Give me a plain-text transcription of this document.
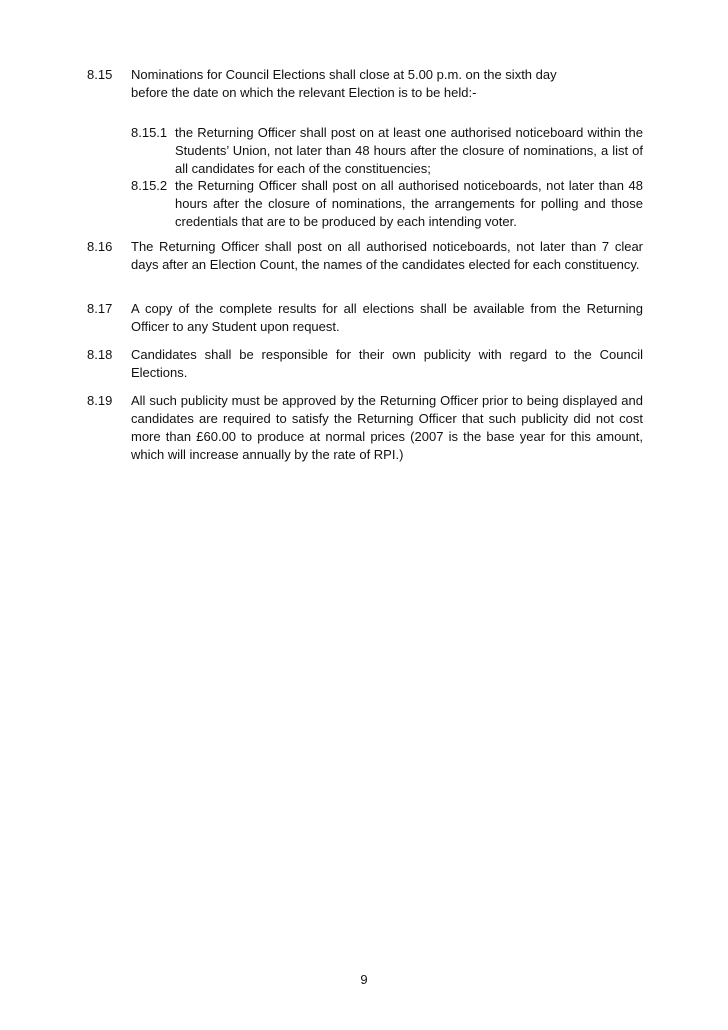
8.15	Nominations for Council Elections shall close at 5.00 p.m. on the sixth day
before the date on which the relevant Election is to be held:-
8.15.1 the Returning Officer shall post on at least one authorised noticeboard within the Students’ Union, not later than 48 hours after the closure of nominations, a list of all candidates for each of the constituencies;
8.15.2 the Returning Officer shall post on all authorised noticeboards, not later than 48 hours after the closure of nominations, the arrangements for polling and those credentials that are to be produced by each intending voter.
8.16	The Returning Officer shall post on all authorised noticeboards, not later than 7 clear days after an Election Count, the names of the candidates elected for each constituency.
8.17	A copy of the complete results for all elections shall be available from the Returning Officer to any Student upon request.
8.18	Candidates shall be responsible for their own publicity with regard to the Council Elections.
8.19	All such publicity must be approved by the Returning Officer prior to being displayed and candidates are required to satisfy the Returning Officer that such publicity did not cost more than £60.00 to produce at normal prices (2007 is the base year for this amount, which will increase annually by the rate of RPI.)
9
